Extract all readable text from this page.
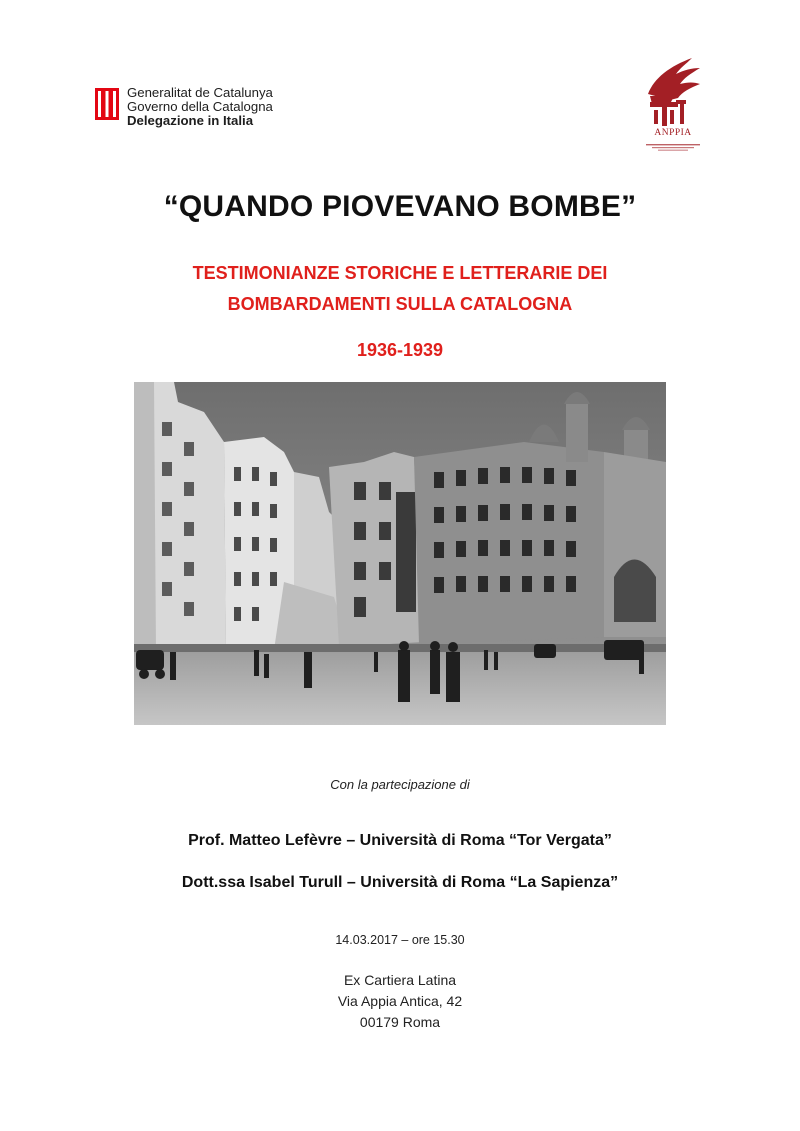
Generalitat de Catalunya
Governo della Catalogna
Delegazione in Italia
ANPPIA
“QUANDO PIOVEVANO BOMBE”
TESTIMONIANZE STORICHE E LETTERARIE DEI
BOMBARDAMENTI SULLA CATALOGNA
1936-1939
Con la partecipazione di
Prof. Matteo Lefèvre – Università di Roma “Tor Vergata”
Dott.ssa Isabel Turull – Università di Roma “La Sapienza”
14.03.2017 – ore 15.30
Ex Cartiera Latina
Via Appia Antica, 42
00179 Roma
